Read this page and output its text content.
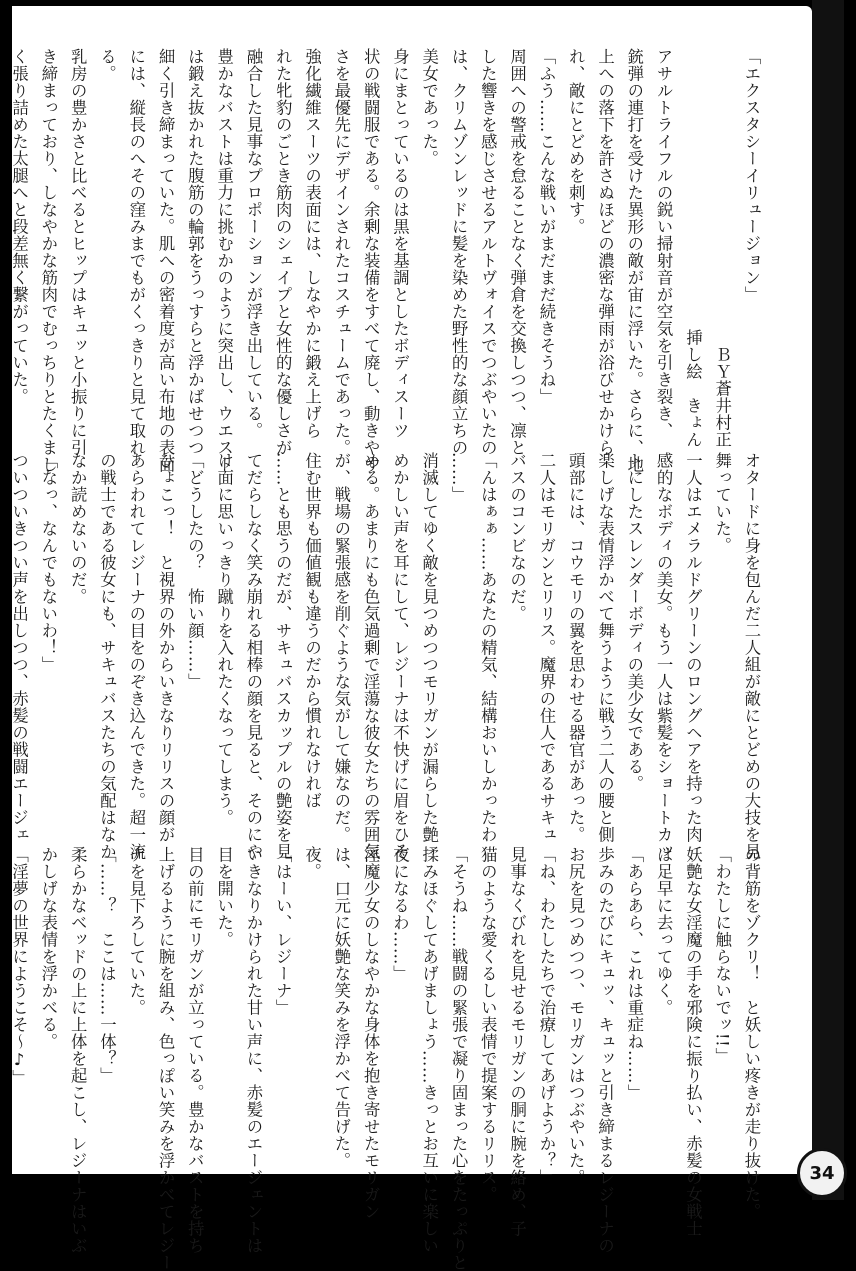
「エクスタシーイリュージョン」
ＢＹ蒼井村正
挿し絵　きょん
アサルトライフルの鋭い掃射音が空気を引き裂き、
銃弾の連打を受けた異形の敵が宙に浮いた。さらに、地
上への落下を許さぬほどの濃密な弾雨が浴びせかけら
れ、敵にとどめを刺す。
「ふう……こんな戦いがまだまだ続きそうね」
周囲への警戒を怠ることなく弾倉を交換しつつ、凛と
した響きを感じさせるアルトヴォイスでつぶやいたの
は、クリムゾンレッドに髪を染めた野性的な顔立ちの
美女であった。
身にまとっているのは黒を基調としたボディスーツ
状の戦闘服である。余剰な装備をすべて廃し、動きやす
さを最優先にデザインされたコスチュームであった。
強化繊維スーツの表面には、しなやかに鍛え上げら
れた牝豹のごとき筋肉のシェイプと女性的な優しさが
融合した見事なプロポーションが浮き出している。
豊かなバストは重力に挑むかのように突出し、ウエスト
は鍛え抜かれた腹筋の輪郭をうっすらと浮かばせつつ
細く引き締まっていた。肌への密着度が高い布地の表面
には、縦長のへその窪みまでもがくっきりと見て取れ
る。
乳房の豊かさと比べるとヒップはキュッと小振りに引
き締まっており、しなやかな筋肉でむっちりとたくまし
く張り詰めた太腿へと段差無く繋がっていた。
オタードに身を包んだ二人組が敵にとどめの大技を見
舞っていた。
一人はエメラルドグリーンのロングヘアを持った肉
感的なボディの美女。もう一人は紫髪をショートカッ
トにしたスレンダーボディの美少女である。
楽しげな表情浮かべて舞うように戦う二人の腰と側
頭部には、コウモリの翼を思わせる器官があった。
二人はモリガンとリリス。魔界の住人であるサキュ
バスのコンビなのだ。
「んはぁぁ……あなたの精気、結構おいしかったわ
……」
消滅してゆく敵を見つめつつモリガンが漏らした艶
めかしい声を耳にして、レジーナは不快げに眉をひそ
める。あまりにも色気過剰で淫蕩な彼女たちの雰囲気
が、戦場の緊張感を削ぐような気がして嫌なのだ。
住む世界も価値観も違うのだから慣れなければ
……とも思うのだが、サキュバスカップルの艶姿を見
てだらしなく笑み崩れる相棒の顔を見ると、そのにや
け面に思いっきり蹴りを入れたくなってしまう。
「どうしたの？　怖い顔……」
ひょこっ！　と視界の外からいきなりリリスの顔が
あらわれてレジーナの目をのぞき込んできた。超一流
の戦士である彼女にも、サキュバスたちの気配はなか
なか読めないのだ。
「なっ、なんでもないわ！」
ついついきつい声を出しつつ、赤髪の戦闘エージェ
の背筋をゾクリ！　と妖しい疼きが走り抜けた。
「わたしに触らないでッ!!」
妖艶な女淫魔の手を邪険に振り払い、赤髪の女戦士
は足早に去ってゆく。
「あらあら、これは重症ね……」
歩みのたびにキュッ、キュッと引き締まるレジーナの
お尻を見つめつつ、モリガンはつぶやいた。
「ね、わたしたちで治療してあげようか？」
見事なくびれを見せるモリガンの胴に腕を絡め、子
猫のような愛くるしい表情で提案するリリス。
「そうね……戦闘の緊張で凝り固まった心をたっぷりと
揉みほぐしてあげましょう……きっとお互いに楽しい
夜になるわ……」
淫魔少女のしなやかな身体を抱き寄せたモリガン
は、口元に妖艶な笑みを浮かべて告げた。
夜。
「はーい、レジーナ」
いきなりかけられた甘い声に、赤髪のエージェントは
目を開いた。
目の前にモリガンが立っている。豊かなバストを持ち
上げるように腕を組み、色っぽい笑みを浮かべてレジー
ナを見下ろしていた。
「……？　ここは……一体？」
柔らかなベッドの上に上体を起こし、レジーナはいぶ
かしげな表情を浮かべる。
「淫夢の世界にようこそ～♪」
34
